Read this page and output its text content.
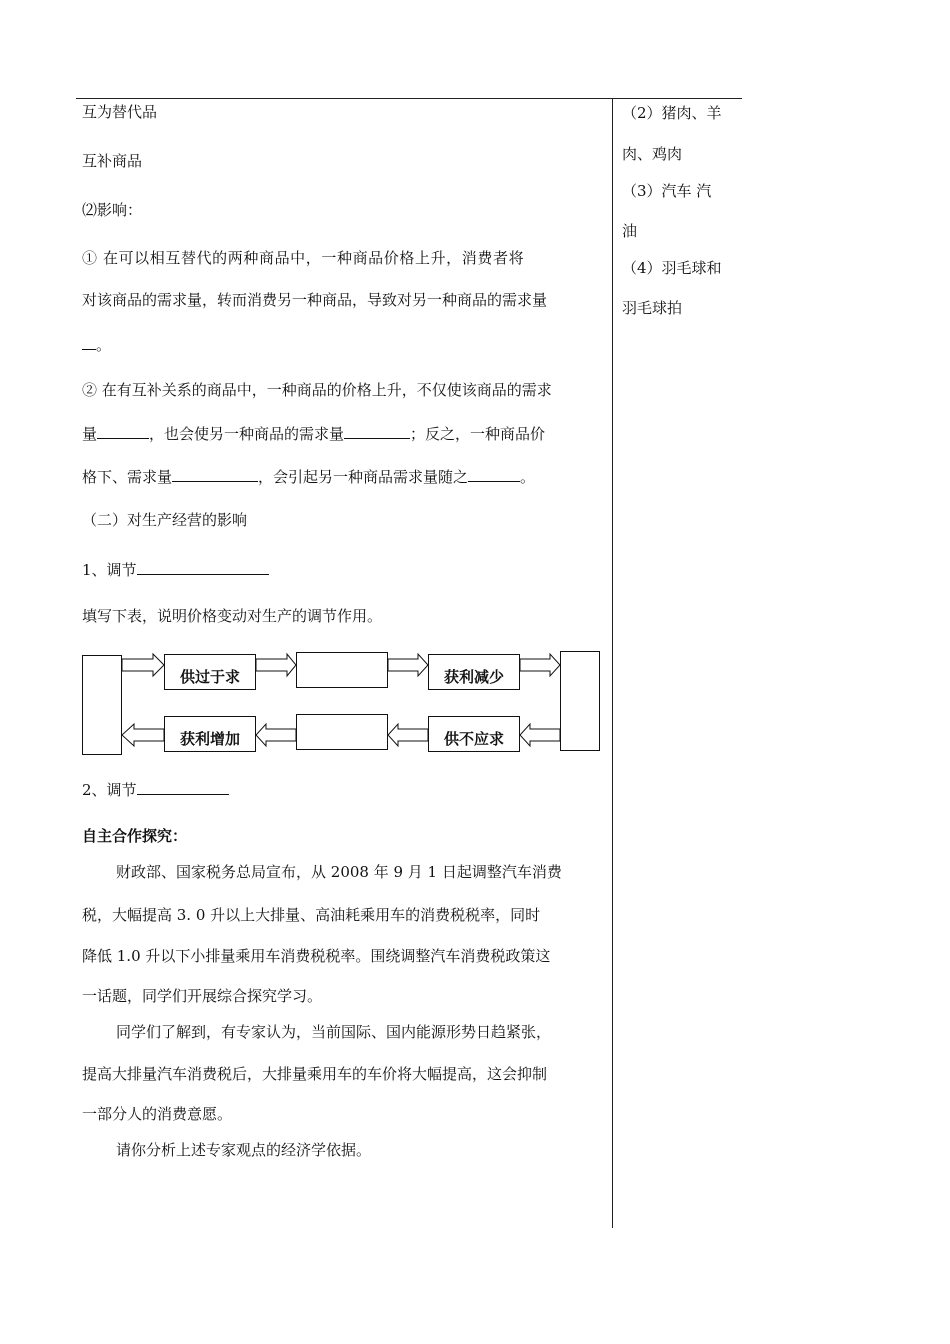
互为替代品
互补商品
⑵影响：
① 在可以相互替代的两种商品中，一种商品价格上升，消费者将
对该商品的需求量，转而消费另一种商品，导致对另一种商品的需求量
。
② 在有互补关系的商品中，一种商品的价格上升，不仅使该商品的需求
量	，也会使另一种商品的需求量	；反之，一种商品价
格下、需求量	，会引起另一种商品需求量随之	。
（二）对生产经营的影响
1、调节
填写下表，说明价格变动对生产的调节作用。
供过于求	获利减少
获利增加	供不应求
2、调节
自主合作探究：
财政部、国家税务总局宣布，从 2008 年 9 月 1 日起调整汽车消费
税，大幅提高 3. 0 升以上大排量、高油耗乘用车的消费税税率，同时
降低 1.0 升以下小排量乘用车消费税税率。围绕调整汽车消费税政策这
一话题，同学们开展综合探究学习。
同学们了解到，有专家认为，当前国际、国内能源形势日趋紧张，
提高大排量汽车消费税后，大排量乘用车的车价将大幅提高，这会抑制
一部分人的消费意愿。
请你分析上述专家观点的经济学依据。
（2）猪肉、羊
肉、鸡肉
（3）汽车 汽
油
（4）羽毛球和
羽毛球拍
